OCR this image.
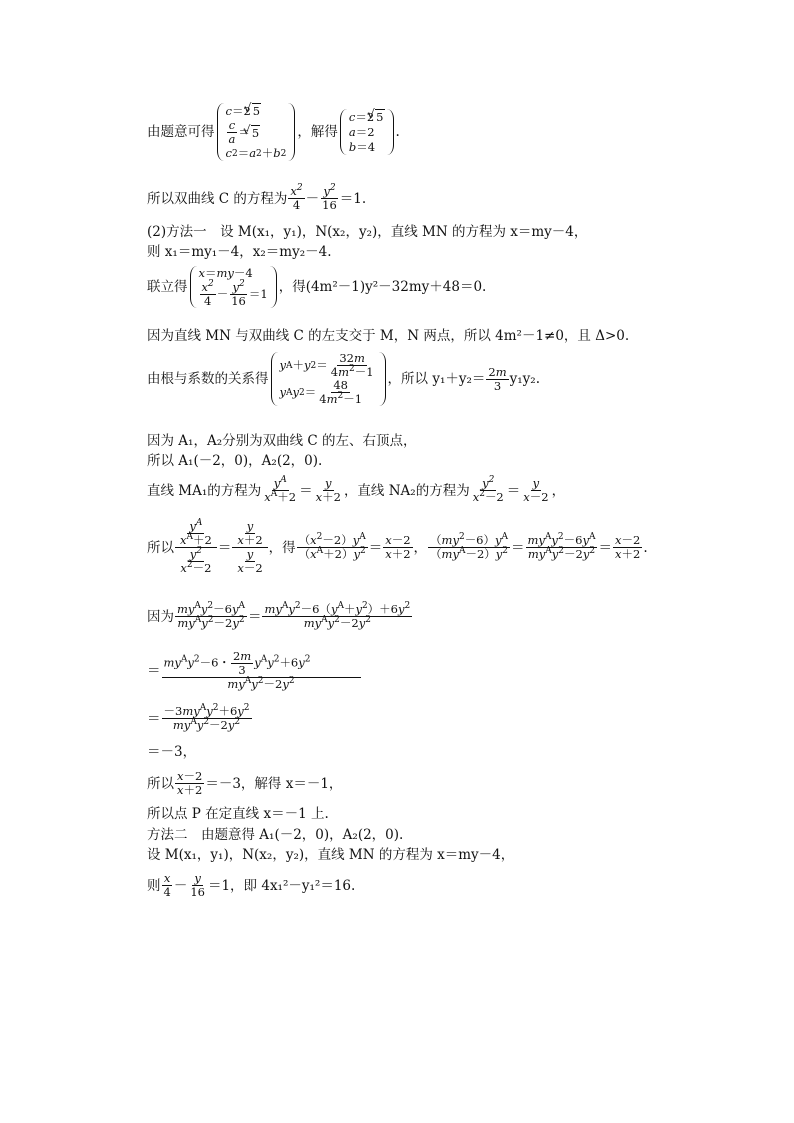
由题意可得
c ＝2 √ 5
$\frac{c}{a}$ ＝ √ 5
c 2 ＝ a 2 ＋ b 2
，解得
c ＝2 √ 5
a ＝2
b ＝4
.
所以双曲线 C 的方程为 $\frac{x^2}{4} - \frac{y^2}{16} =1$.
(2)方法一　设 M(x₁，y₁)，N(x₂，y₂)，直线 MN 的方程为 x＝my－4，
则 x₁＝my₁－4，x₂＝my₂－4.
联立得
x ＝ my －4
$\frac{x^2}{4} - \frac{y^2}{16} =1$ ，得(4m²－1)y²－32my＋48＝0.
因为直线 MN 与双曲线 C 的左支交于 M，N 两点，所以 4m²－1≠0，且 Δ>0.
由根与系数的关系得
y A ＋ y $2 = \frac{32m}{4m^2-1}$
y A y $2 = \frac{48}{4m^2-1}$ ，所以 $y_1+y_2= \frac{2m}{3} y_1y_2$.
因为 A₁，A₂分别为双曲线 C 的左、右顶点，
所以 A₁(－2，0)，A₂(2，0).
直线 MA₁的方程为 $\frac{y^A}{x^A+2} = \frac{y}{x+2}$ ，直线 NA₂的方程为 $\frac{y^2}{x^2-2} = \frac{y}{x-2}$ ，
所以 $\frac{\frac{y^A}{x^A+2}}{\frac{y^2}{x^2-2}} = \frac{\frac{y}{x+2}}{\frac{y}{x-2}}$ ，得 $\frac{(x^2-2)y^A}{(x^A+2)y^2} = \frac{x-2}{x+2}$ ， $\frac{(my^2-6)y^A}{(my^A-2)y^2} = \frac{my^Ay^2-6y^A}{my^Ay^2-2y^2} = \frac{x-2}{x+2}$ .
因为 $\frac{my^Ay^2-6y^A}{my^Ay^2-2y^2} = \frac{my^Ay^2-6(y^A+y^2)+6y^2}{my^Ay^2-2y^2}$
＝ $\frac{my^Ay^2-6・ \frac{2m}{3} y^Ay^2+6y^2}{my^Ay^2-2y^2}$
＝ $\frac{-3my^Ay^2+6y^2}{my^Ay^2-2y^2}$
＝－3，
所以 $\frac{x-2}{x+2} =-3$，解得 x＝－1，
所以点 P 在定直线 x＝－1 上.
方法二　由题意得 A₁(－2，0)，A₂(2，0).
设 M(x₁，y₁)，N(x₂，y₂)，直线 MN 的方程为 x＝my－4，
则 $\frac{x}{4} - \frac{y}{16} =1$，即 4x₁²－y₁²＝16.
